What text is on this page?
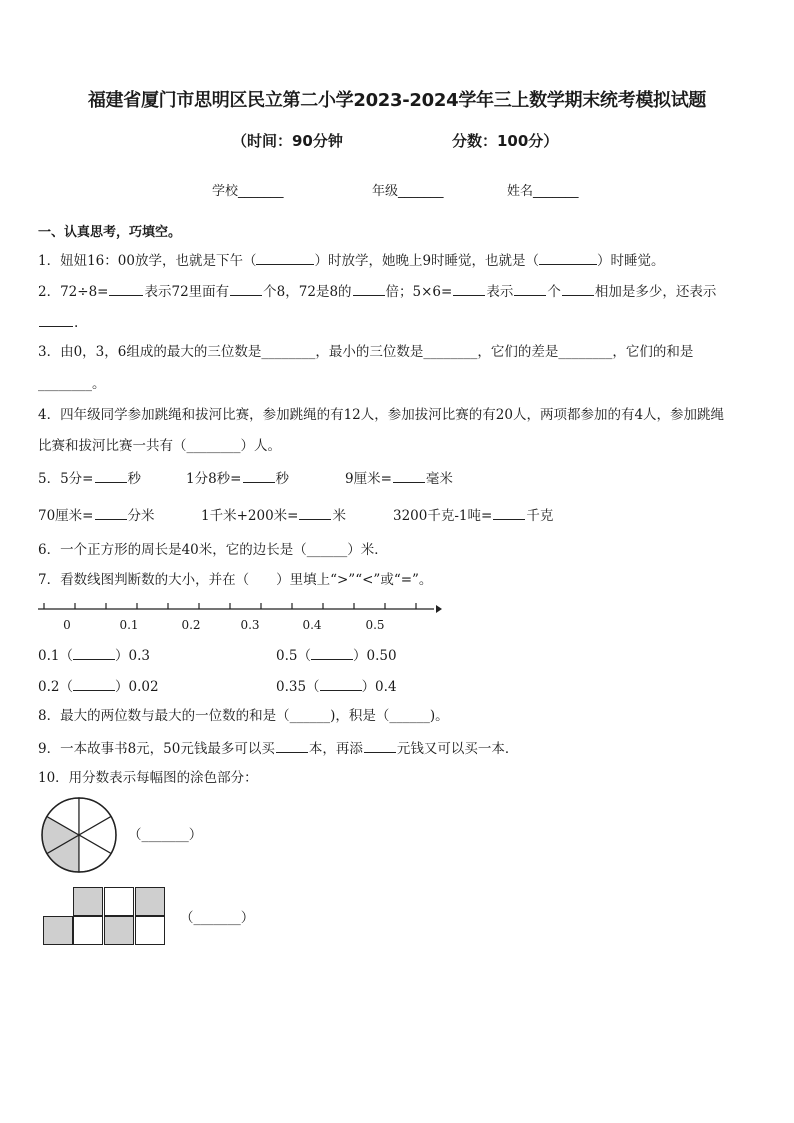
福建省厦门市思明区民立第二小学2023-2024学年三上数学期末统考模拟试题
（时间：90分钟	分数：100分）
学校_______	年级_______	姓名_______
一、认真思考，巧填空。
1．妞妞16：00放学，也就是下午（	）时放学，她晚上9时睡觉，也就是（	）时睡觉。
2．72÷8=	表示72里面有	个8，72是8的	倍；5×6=	表示	个	相加是多少，还表示
.
3．由0，3，6组成的最大的三位数是________，最小的三位数是________，它们的差是________，它们的和是
________。
4．四年级同学参加跳绳和拔河比赛，参加跳绳的有12人，参加拔河比赛的有20人，两项都参加的有4人，参加跳绳
比赛和拔河比赛一共有（________）人。
5．5分=	秒	1分8秒=	秒	9厘米=	毫米
70厘米=	分米	1千米+200米=	米	3200千克-1吨=	千克
6．一个正方形的周长是40米，它的边长是（______）米．
7．看数线图判断数的大小，并在（　　）里填上“>”“<”或“=”。
0	0.1	0.2	0.3	0.4	0.5
0.1（	）0.3	0.5（	）0.50
0.2（	）0.02	0.35（	）0.4
8．最大的两位数与最大的一位数的和是（______)，积是（______)。
9．一本故事书8元，50元钱最多可以买	本，再添	元钱又可以买一本．
10．用分数表示每幅图的涂色部分：
（_______）
（_______）
